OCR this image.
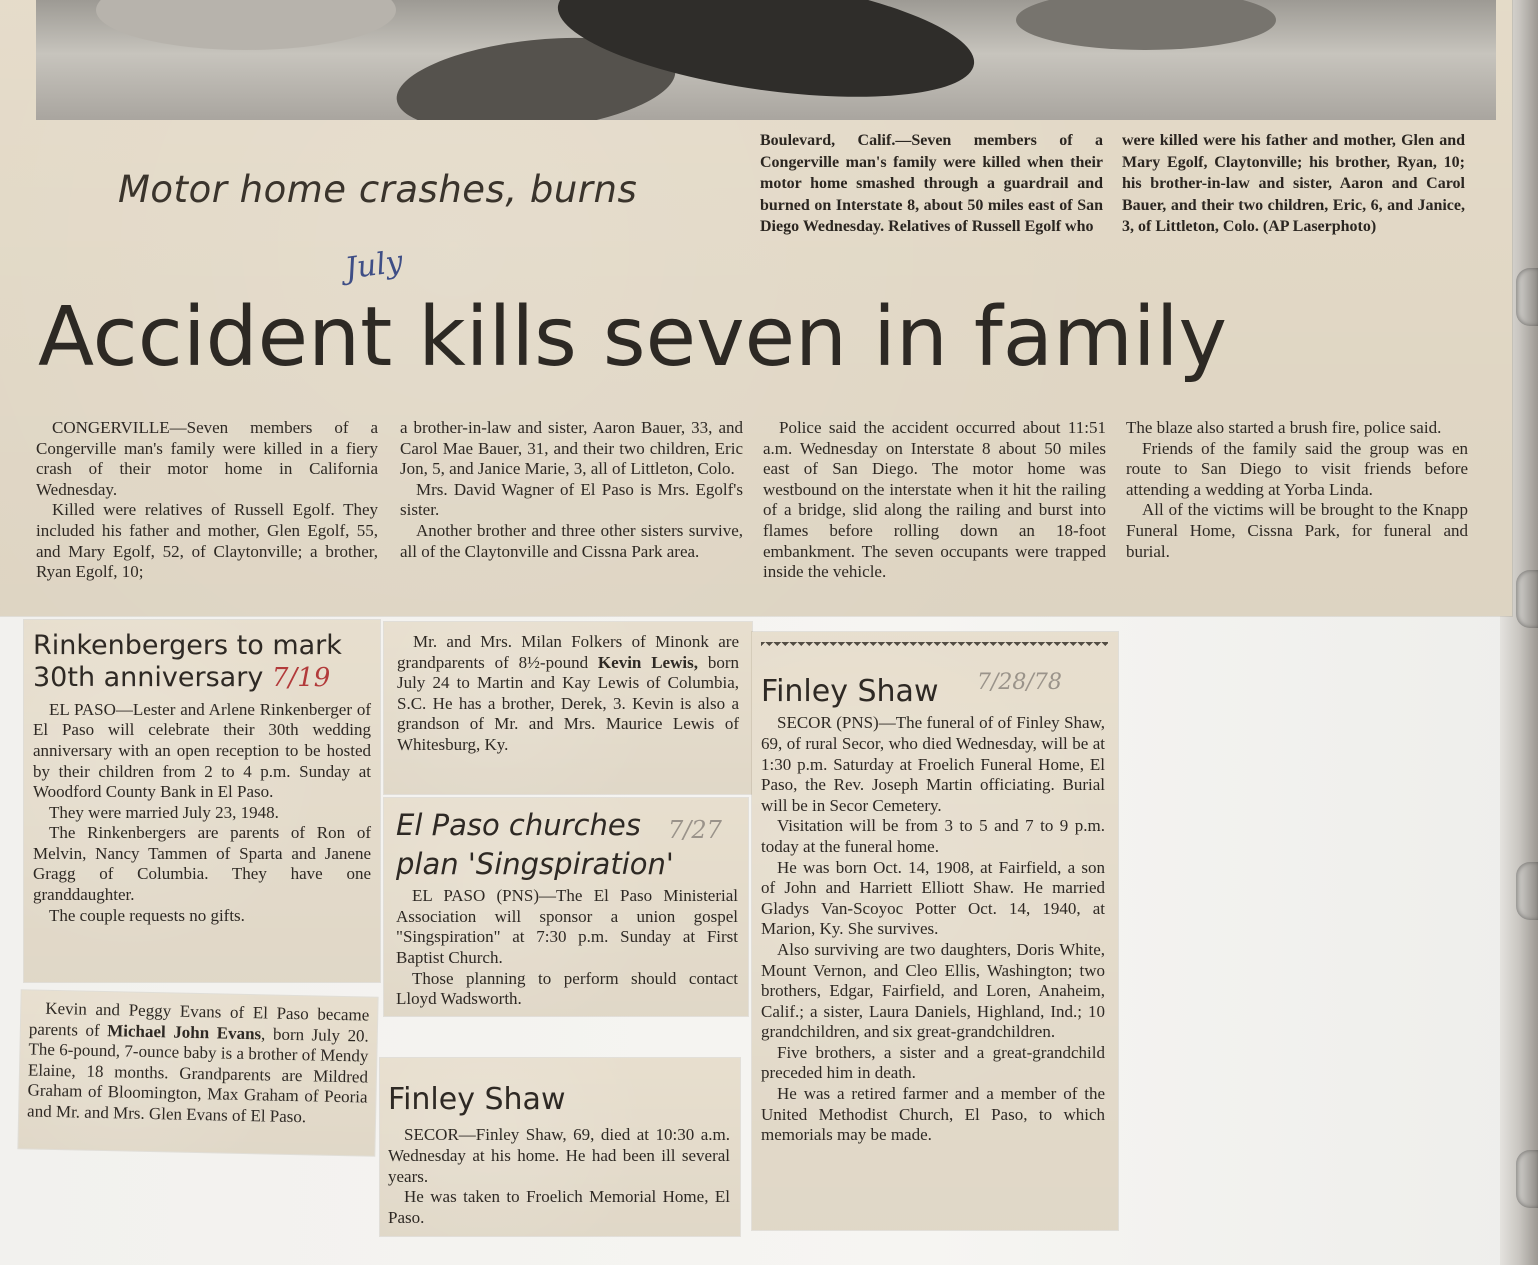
Motor home crashes, burns
Boulevard, Calif.—Seven members of a Congerville man's family were killed when their motor home smashed through a guardrail and burned on Interstate 8, about 50 miles east of San Diego Wednesday. Relatives of Russell Egolf who
were killed were his father and mother, Glen and Mary Egolf, Claytonville; his brother, Ryan, 10; his brother-in-law and sister, Aaron and Carol Bauer, and their two children, Eric, 6, and Janice, 3, of Littleton, Colo. (AP Laserphoto)
July
Accident kills seven in family

CONGERVILLE—Seven members of a Congerville man's family were killed in a fiery crash of their motor home in California Wednesday.

Killed were relatives of Russell Egolf. They included his father and mother, Glen Egolf, 55, and Mary Egolf, 52, of Claytonville; a brother, Ryan Egolf, 10;

a brother-in-law and sister, Aaron Bauer, 33, and Carol Mae Bauer, 31, and their two children, Eric Jon, 5, and Janice Marie, 3, all of Littleton, Colo.

Mrs. David Wagner of El Paso is Mrs. Egolf's sister.

Another brother and three other sisters survive, all of the Claytonville and Cissna Park area.

Police said the accident occurred about 11:51 a.m. Wednesday on Interstate 8 about 50 miles east of San Diego. The motor home was westbound on the interstate when it hit the railing of a bridge, slid along the railing and burst into flames before rolling down an 18-foot embankment. The seven occupants were trapped inside the vehicle.

The blaze also started a brush fire, police said.

Friends of the family said the group was en route to San Diego to visit friends before attending a wedding at Yorba Linda.

All of the victims will be brought to the Knapp Funeral Home, Cissna Park, for funeral and burial.

Rinkenbergers to mark
30th anniversary 7/19

EL PASO—Lester and Arlene Rinkenberger of El Paso will celebrate their 30th wedding anniversary with an open reception to be hosted by their children from 2 to 4 p.m. Sunday at Woodford County Bank in El Paso.

They were married July 23, 1948.

The Rinkenbergers are parents of Ron of Melvin, Nancy Tammen of Sparta and Janene Gragg of Columbia. They have one granddaughter.

The couple requests no gifts.

Kevin and Peggy Evans of El Paso became parents of Michael John Evans, born July 20. The 6-pound, 7-ounce baby is a brother of Mendy Elaine, 18 months. Grandparents are Mildred Graham of Bloomington, Max Graham of Peoria and Mr. and Mrs. Glen Evans of El Paso.

Mr. and Mrs. Milan Folkers of Minonk are grandparents of 8½-pound Kevin Lewis, born July 24 to Martin and Kay Lewis of Columbia, S.C. He has a brother, Derek, 3. Kevin is also a grandson of Mr. and Mrs. Maurice Lewis of Whitesburg, Ky.

El Paso churches
plan 'Singspiration'
7/27

EL PASO (PNS)—The El Paso Ministerial Association will sponsor a union gospel "Singspiration" at 7:30 p.m. Sunday at First Baptist Church.

Those planning to perform should contact Lloyd Wadsworth.

Finley Shaw

SECOR—Finley Shaw, 69, died at 10:30 a.m. Wednesday at his home. He had been ill several years.

He was taken to Froelich Memorial Home, El Paso.

Finley Shaw	7/28/78

SECOR (PNS)—The funeral of of Finley Shaw, 69, of rural Secor, who died Wednesday, will be at 1:30 p.m. Saturday at Froelich Funeral Home, El Paso, the Rev. Joseph Martin officiating. Burial will be in Secor Cemetery.

Visitation will be from 3 to 5 and 7 to 9 p.m. today at the funeral home.

He was born Oct. 14, 1908, at Fairfield, a son of John and Harriett Elliott Shaw. He married Gladys Van-Scoyoc Potter Oct. 14, 1940, at Marion, Ky. She survives.

Also surviving are two daughters, Doris White, Mount Vernon, and Cleo Ellis, Washington; two brothers, Edgar, Fairfield, and Loren, Anaheim, Calif.; a sister, Laura Daniels, Highland, Ind.; 10 grandchildren, and six great-grandchildren.

Five brothers, a sister and a great-grandchild preceded him in death.

He was a retired farmer and a member of the United Methodist Church, El Paso, to which memorials may be made.
